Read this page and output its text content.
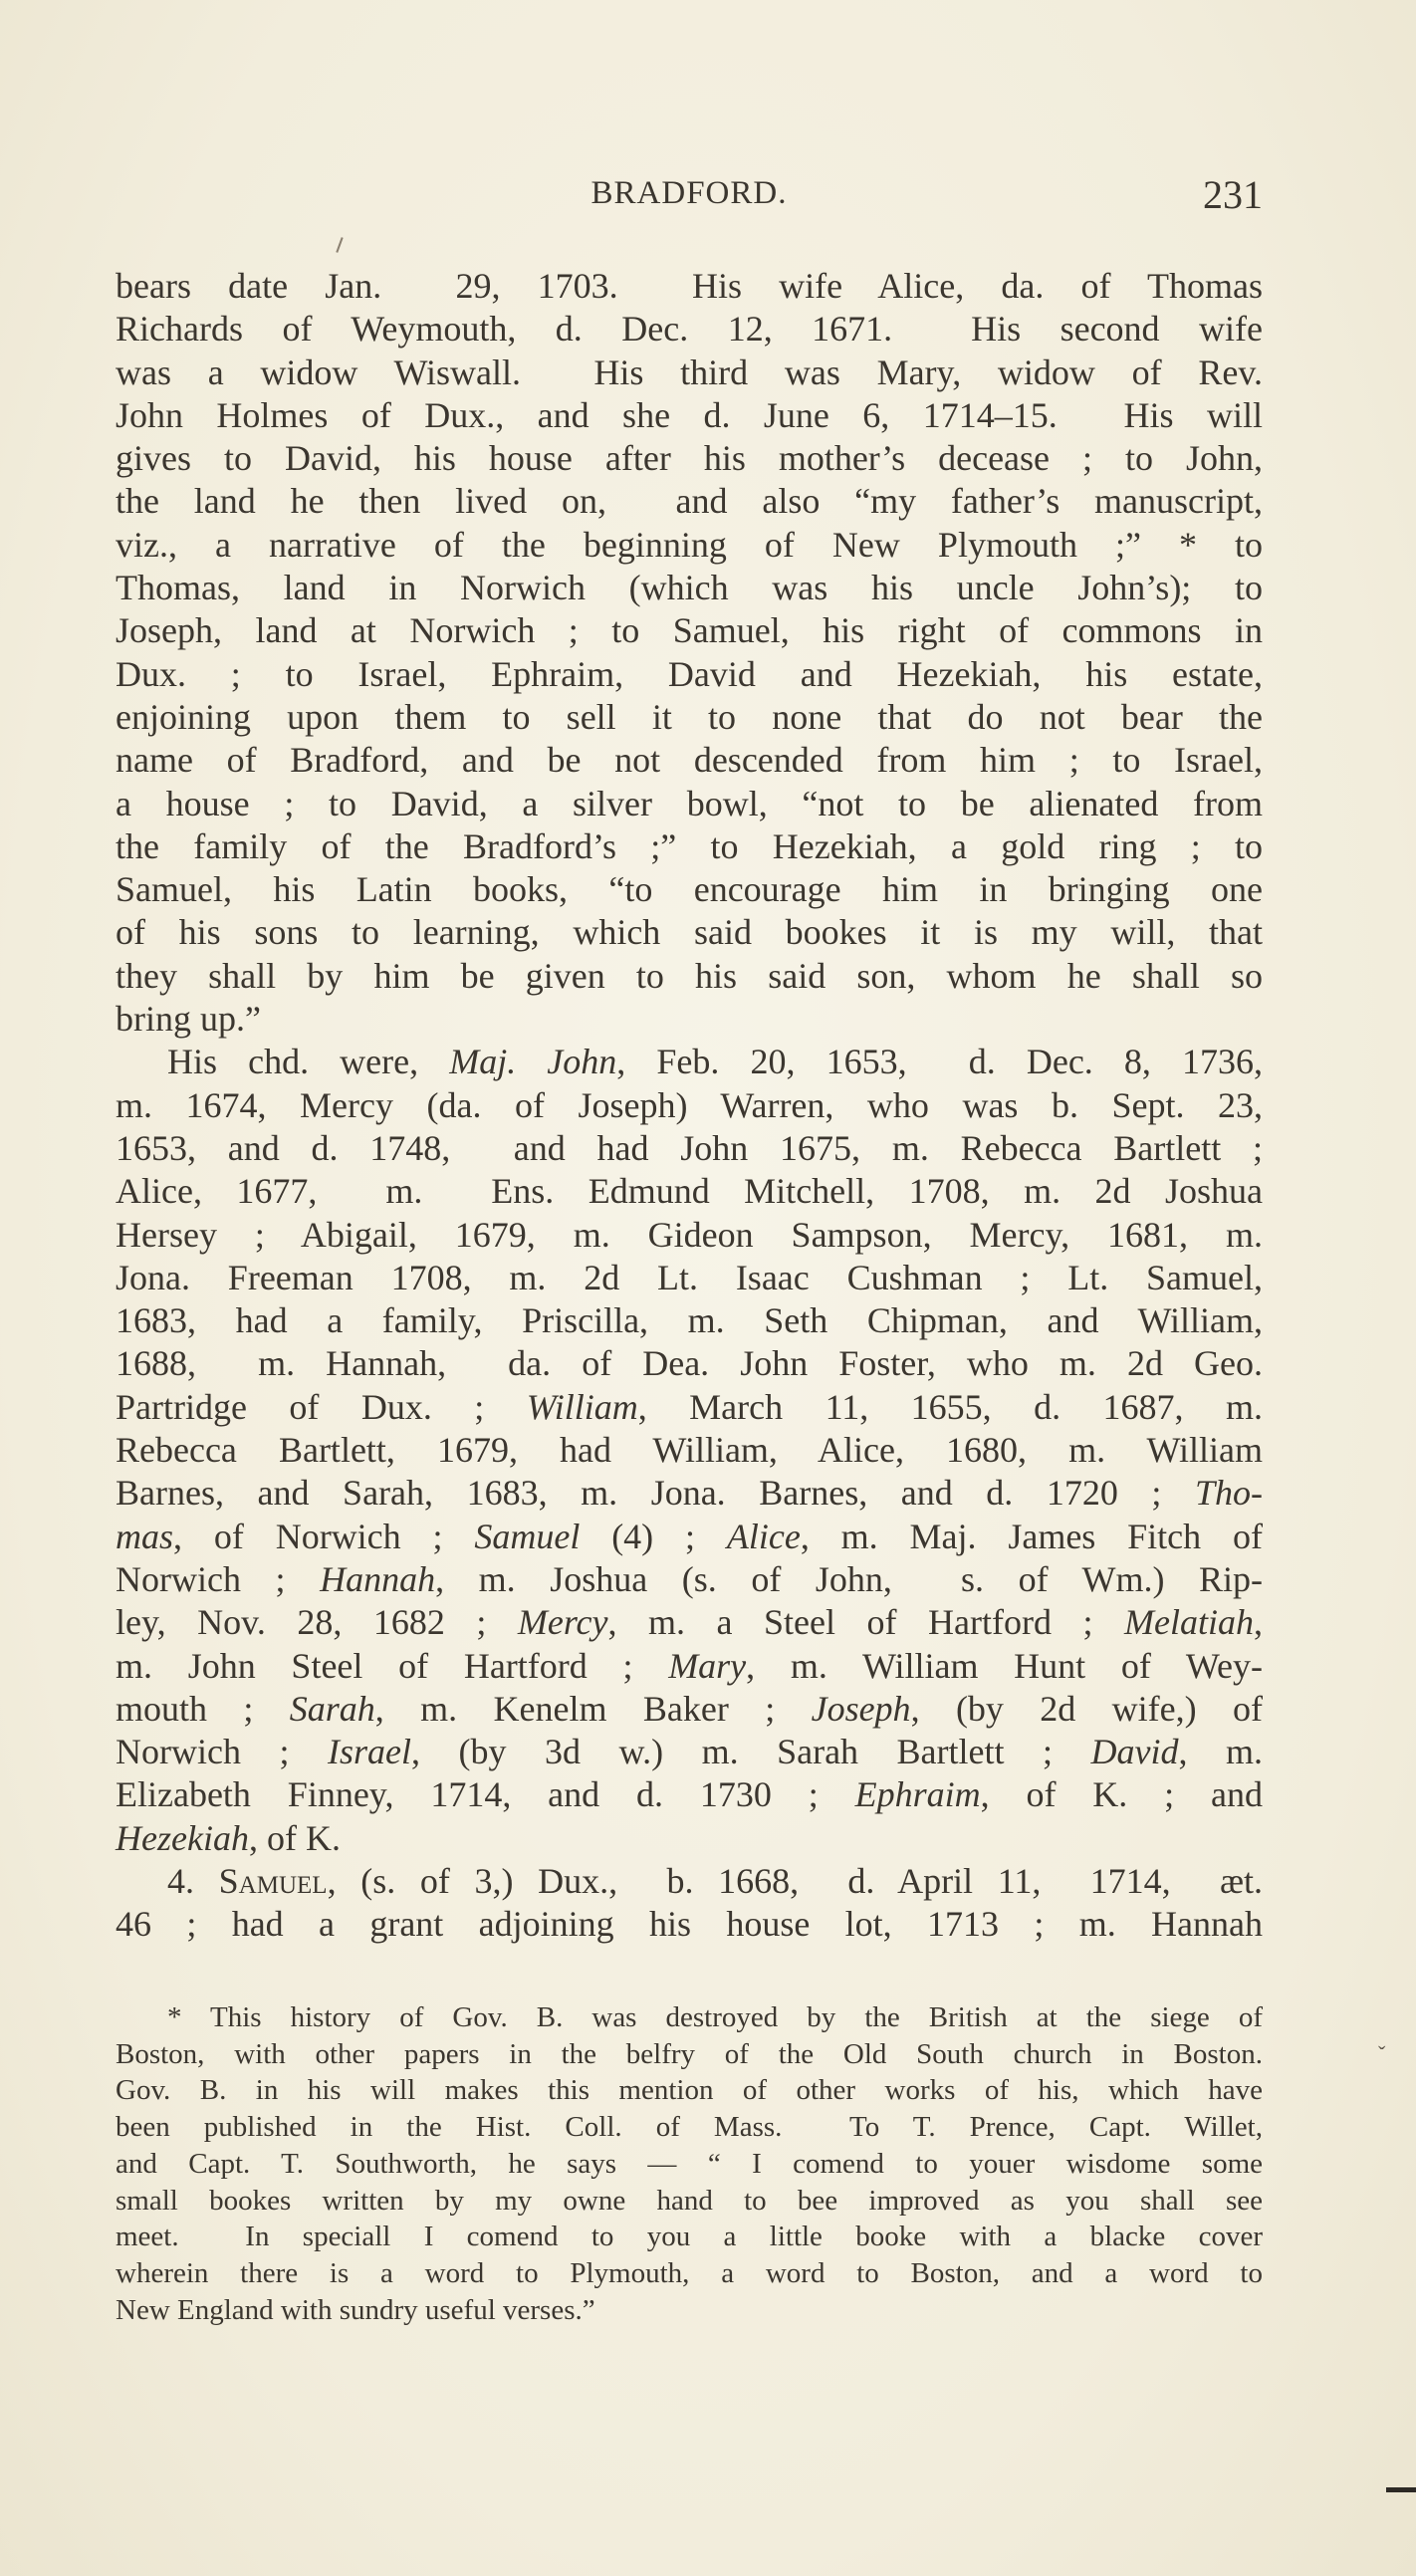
BRADFORD.	231
bears date Jan.  29, 1703.  His wife Alice, da. of Thomas
Richards of Weymouth, d. Dec. 12, 1671.  His second wife
was a widow Wiswall.  His third was Mary, widow of Rev.
John Holmes of Dux., and she d. June 6, 1714–15.  His will
gives to David, his house after his mother’s decease ; to John,
the land he then lived on,  and also “my father’s manuscript,
viz., a narrative of the beginning of New Plymouth ;” * to
Thomas, land in Norwich (which was his uncle John’s); to
Joseph, land at Norwich ; to Samuel, his right of commons in
Dux. ; to Israel, Ephraim, David and Hezekiah, his estate,
enjoining upon them to sell it to none that do not bear the
name of Bradford, and be not descended from him ; to Israel,
a house ; to David, a silver bowl, “not to be alienated from
the family of the Bradford’s ;” to Hezekiah, a gold ring ; to
Samuel, his Latin books, “to encourage him in bringing one
of his sons to learning, which said bookes it is my will, that
they shall by him be given to his said son, whom he shall so
bring up.”
His chd. were, Maj. John, Feb. 20, 1653,  d. Dec. 8, 1736,
m. 1674, Mercy (da. of Joseph) Warren, who was b. Sept. 23,
1653, and d. 1748,  and had John 1675, m. Rebecca Bartlett ;
Alice, 1677,  m.  Ens. Edmund Mitchell, 1708, m. 2d Joshua
Hersey ; Abigail, 1679, m. Gideon Sampson, Mercy, 1681, m.
Jona. Freeman 1708, m. 2d Lt. Isaac Cushman ; Lt. Samuel,
1683, had a family, Priscilla, m. Seth Chipman, and William,
1688,  m. Hannah,  da. of Dea. John Foster, who m. 2d Geo.
Partridge of Dux. ; William, March 11, 1655, d. 1687, m.
Rebecca Bartlett, 1679, had William, Alice, 1680, m. William
Barnes, and Sarah, 1683, m. Jona. Barnes, and d. 1720 ; Tho-
mas, of Norwich ; Samuel (4) ; Alice, m. Maj. James Fitch of
Norwich ; Hannah, m. Joshua (s. of John,  s. of Wm.) Rip-
ley, Nov. 28, 1682 ; Mercy, m. a Steel of Hartford ; Melatiah,
m. John Steel of Hartford ; Mary, m. William Hunt of Wey-
mouth ; Sarah, m. Kenelm Baker ; Joseph, (by 2d wife,) of
Norwich ; Israel, (by 3d w.) m. Sarah Bartlett ; David, m.
Elizabeth Finney, 1714, and d. 1730 ; Ephraim, of K. ; and
Hezekiah, of K.
4. Samuel, (s. of 3,) Dux.,  b. 1668,  d. April 11,  1714,  æt.
46 ; had a grant adjoining his house lot, 1713 ; m. Hannah
* This history of Gov. B. was destroyed by the British at the siege of
Boston, with other papers in the belfry of the Old South church in Boston.
Gov. B. in his will makes this mention of other works of his, which have
been published in the Hist. Coll. of Mass.  To T. Prence, Capt. Willet,
and Capt. T. Southworth, he says — “ I comend to youer wisdome some
small bookes written by my owne hand to bee improved as you shall see
meet.  In speciall I comend to you a little booke with a blacke cover
wherein there is a word to Plymouth, a word to Boston, and a word to
New England with sundry useful verses.”
ˇ
